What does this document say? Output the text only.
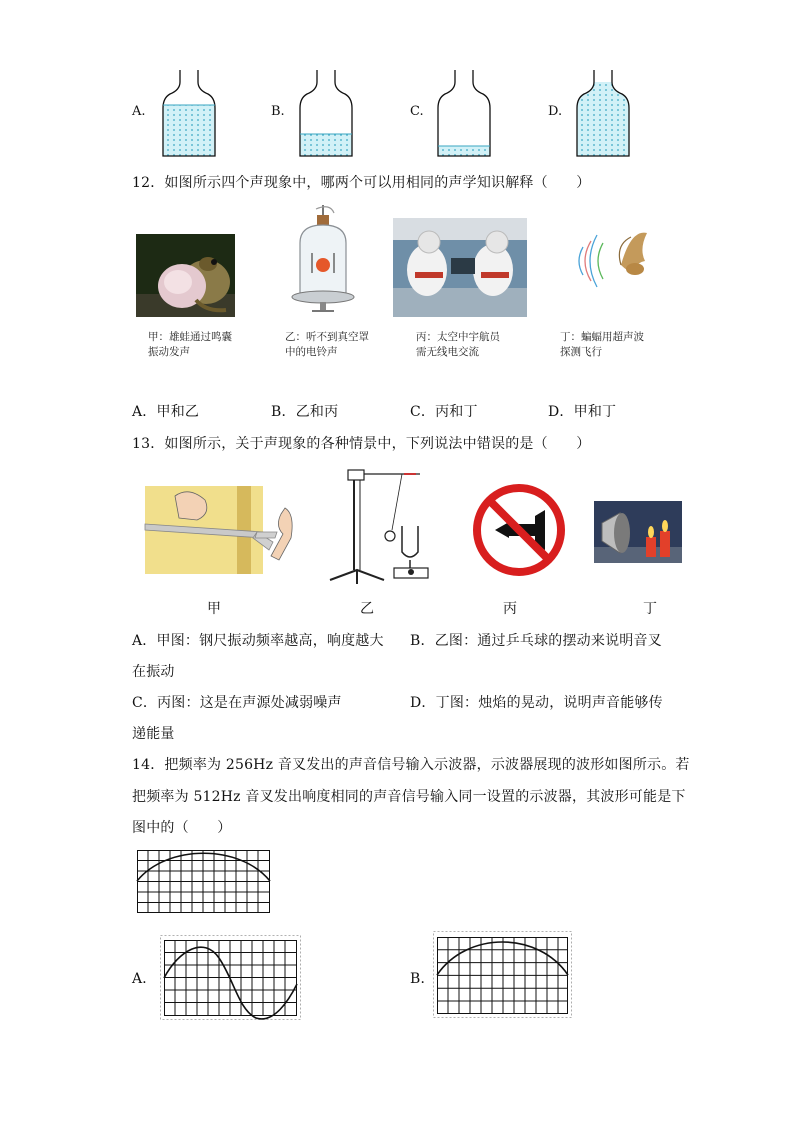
A.	B.	C.	D.
12．如图所示四个声现象中，哪两个可以用相同的声学知识解释（　　）
甲：雄蛙通过鸣囊振动发声
乙：听不到真空罩中的电铃声
丙：太空中宇航员需无线电交流
丁：蝙蝠用超声波探测飞行
A．甲和乙	B．乙和丙	C．丙和丁	D．甲和丁
13．如图所示，关于声现象的各种情景中，下列说法中错误的是（　　）
甲	乙	丙	丁
A．甲图：钢尺振动频率越高，响度越大 B．乙图：通过乒乓球的摆动来说明音叉
在振动
C．丙图：这是在声源处减弱噪声	D．丁图：烛焰的晃动，说明声音能够传
递能量
14．把频率为 256Hz 音叉发出的声音信号输入示波器，示波器展现的波形如图所示。若
把频率为 512Hz 音叉发出响度相同的声音信号输入同一设置的示波器，其波形可能是下
图中的（　　）
A．	B．
